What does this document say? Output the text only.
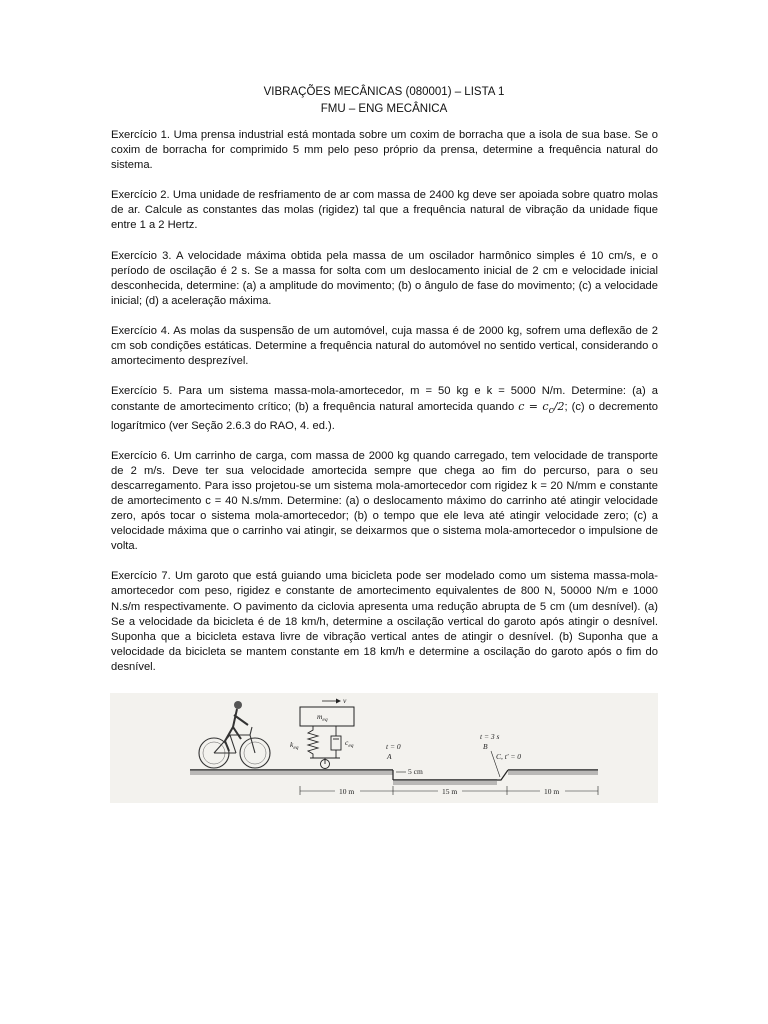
VIBRAÇÕES MECÂNICAS (080001) – LISTA 1
FMU – ENG MECÂNICA

Exercício 1. Uma prensa industrial está montada sobre um coxim de borracha que a isola de sua base. Se o coxim de borracha for comprimido 5 mm pelo peso próprio da prensa, determine a frequência natural do sistema.

Exercício 2. Uma unidade de resfriamento de ar com massa de 2400 kg deve ser apoiada sobre quatro molas de ar. Calcule as constantes das molas (rigidez) tal que a frequência natural de vibração da unidade fique entre 1 a 2 Hertz.

Exercício 3. A velocidade máxima obtida pela massa de um oscilador harmônico simples é 10 cm/s, e o período de oscilação é 2 s. Se a massa for solta com um deslocamento inicial de 2 cm e velocidade inicial desconhecida, determine: (a) a amplitude do movimento; (b) o ângulo de fase do movimento; (c) a velocidade inicial; (d) a aceleração máxima.

Exercício 4. As molas da suspensão de um automóvel, cuja massa é de 2000 kg, sofrem uma deflexão de 2 cm sob condições estáticas. Determine a frequência natural do automóvel no sentido vertical, considerando o amortecimento desprezível.

Exercício 5. Para um sistema massa-mola-amortecedor, m = 50 kg e k = 5000 N/m. Determine: (a) a constante de amortecimento crítico; (b) a frequência natural amortecida quando $c = c_c/2$; (c) o decremento logarítmico (ver Seção 2.6.3 do RAO, 4. ed.).

Exercício 6. Um carrinho de carga, com massa de 2000 kg quando carregado, tem velocidade de transporte de 2 m/s. Deve ter sua velocidade amortecida sempre que chega ao fim do percurso, para o seu descarregamento. Para isso projetou-se um sistema mola-amortecedor com rigidez k = 20 N/mm e constante de amortecimento c = 40 N.s/mm. Determine: (a) o deslocamento máximo do carrinho até atingir velocidade zero, após tocar o sistema mola-amortecedor; (b) o tempo que ele leva até atingir velocidade zero; (c) a velocidade máxima que o carrinho vai atingir, se deixarmos que o sistema mola-amortecedor o impulsione de volta.

Exercício 7. Um garoto que está guiando uma bicicleta pode ser modelado como um sistema massa-mola-amortecedor com peso, rigidez e constante de amortecimento equivalentes de 800 N, 50000 N/m e 1000 N.s/m respectivamente. O pavimento da ciclovia apresenta uma redução abrupta de 5 cm (um desnível). (a) Se a velocidade da bicicleta é de 18 km/h, determine a oscilação vertical do garoto após atingir o desnível. Suponha que a bicicleta estava livre de vibração vertical antes de atingir o desnível. (b) Suponha que a velocidade da bicicleta se mantem constante em 18 km/h e determine a oscilação do garoto após o fim do desnível.

$m_{eq}$
v
$k_{eq}$
$c_{eq}$	t = 0
A
5 cm
t = 3 s
B
C, t′ = 0
10 m	15 m	10 m
